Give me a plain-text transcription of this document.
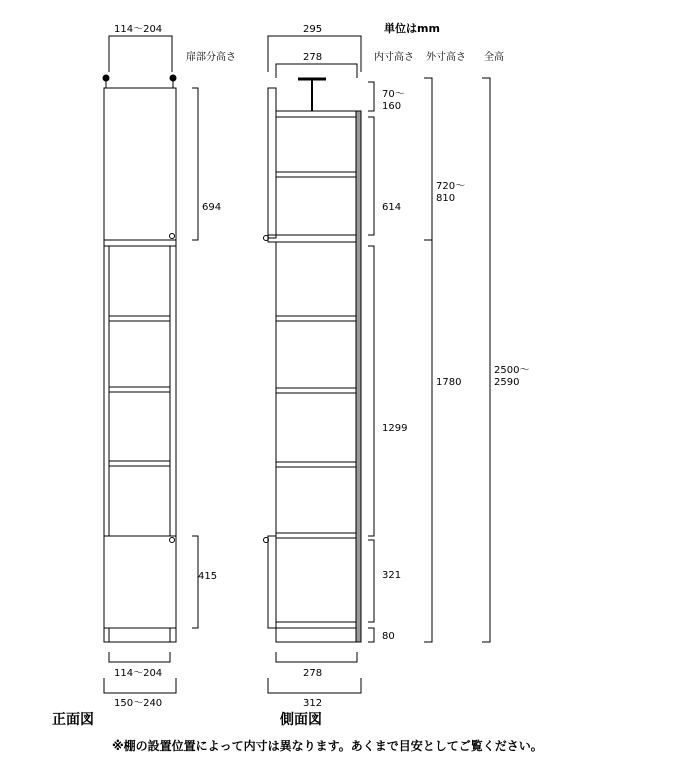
単位はmm
扉部分高さ	内寸高さ 外寸高さ 全高
114～204
694
415
114～204
150～240
正面図
295
278
70～
160
614
1299
321
80
720～
810
1780
2500～
2590
278
312
側面図
※棚の設置位置によって内寸は異なります。あくまで目安としてご覧ください。
